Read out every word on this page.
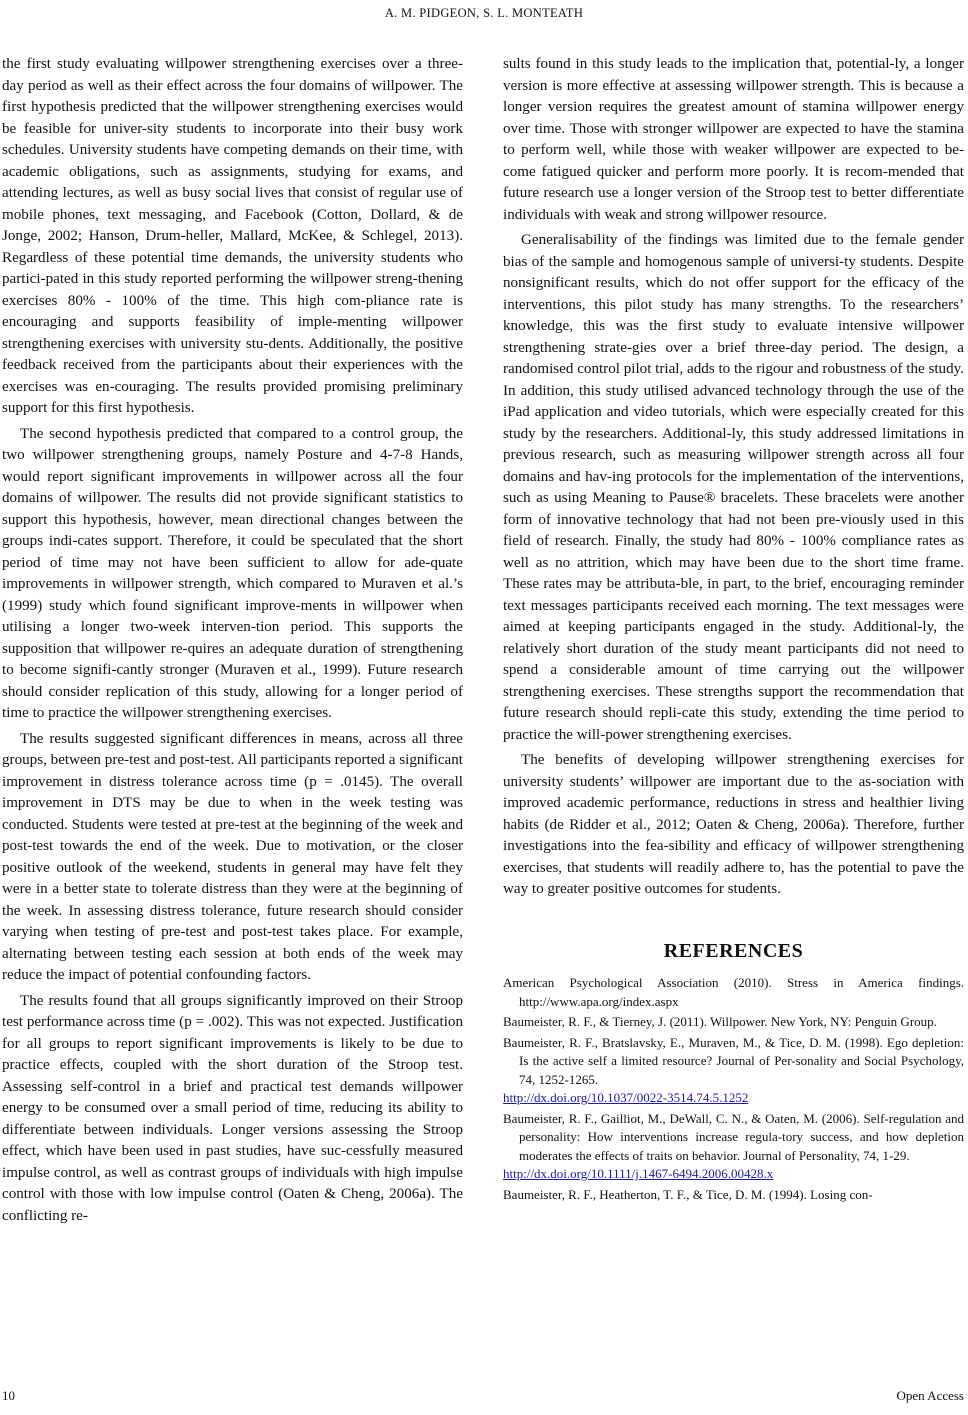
A. M. PIDGEON, S. L. MONTEATH

the first study evaluating willpower strengthening exercises over a three-day period as well as their effect across the four domains of willpower. The first hypothesis predicted that the willpower strengthening exercises would be feasible for univer-sity students to incorporate into their busy work schedules. University students have competing demands on their time, with academic obligations, such as assignments, studying for exams, and attending lectures, as well as busy social lives that consist of regular use of mobile phones, text messaging, and Facebook (Cotton, Dollard, & de Jonge, 2002; Hanson, Drum-heller, Mallard, McKee, & Schlegel, 2013). Regardless of these potential time demands, the university students who partici-pated in this study reported performing the willpower streng-thening exercises 80% - 100% of the time. This high com-pliance rate is encouraging and supports feasibility of imple-menting willpower strengthening exercises with university stu-dents. Additionally, the positive feedback received from the participants about their experiences with the exercises was en-couraging. The results provided promising preliminary support for this first hypothesis.

The second hypothesis predicted that compared to a control group, the two willpower strengthening groups, namely Posture and 4-7-8 Hands, would report significant improvements in willpower across all the four domains of willpower. The results did not provide significant statistics to support this hypothesis, however, mean directional changes between the groups indi-cates support. Therefore, it could be speculated that the short period of time may not have been sufficient to allow for ade-quate improvements in willpower strength, which compared to Muraven et al.’s (1999) study which found significant improve-ments in willpower when utilising a longer two-week interven-tion period. This supports the supposition that willpower re-quires an adequate duration of strengthening to become signifi-cantly stronger (Muraven et al., 1999). Future research should consider replication of this study, allowing for a longer period of time to practice the willpower strengthening exercises.

The results suggested significant differences in means, across all three groups, between pre-test and post-test. All participants reported a significant improvement in distress tolerance across time (p = .0145). The overall improvement in DTS may be due to when in the week testing was conducted. Students were tested at pre-test at the beginning of the week and post-test towards the end of the week. Due to motivation, or the closer positive outlook of the weekend, students in general may have felt they were in a better state to tolerate distress than they were at the beginning of the week. In assessing distress tolerance, future research should consider varying when testing of pre-test and post-test takes place. For example, alternating between testing each session at both ends of the week may reduce the impact of potential confounding factors.

The results found that all groups significantly improved on their Stroop test performance across time (p = .002). This was not expected. Justification for all groups to report significant improvements is likely to be due to practice effects, coupled with the short duration of the Stroop test. Assessing self-control in a brief and practical test demands willpower energy to be consumed over a small period of time, reducing its ability to differentiate between individuals. Longer versions assessing the Stroop effect, which have been used in past studies, have suc-cessfully measured impulse control, as well as contrast groups of individuals with high impulse control with those with low impulse control (Oaten & Cheng, 2006a). The conflicting re-

sults found in this study leads to the implication that, potential-ly, a longer version is more effective at assessing willpower strength. This is because a longer version requires the greatest amount of stamina willpower energy over time. Those with stronger willpower are expected to have the stamina to perform well, while those with weaker willpower are expected to be-come fatigued quicker and perform more poorly. It is recom-mended that future research use a longer version of the Stroop test to better differentiate individuals with weak and strong willpower resource.

Generalisability of the findings was limited due to the female gender bias of the sample and homogenous sample of universi-ty students. Despite nonsignificant results, which do not offer support for the efficacy of the interventions, this pilot study has many strengths. To the researchers’ knowledge, this was the first study to evaluate intensive willpower strengthening strate-gies over a brief three-day period. The design, a randomised control pilot trial, adds to the rigour and robustness of the study. In addition, this study utilised advanced technology through the use of the iPad application and video tutorials, which were especially created for this study by the researchers. Additional-ly, this study addressed limitations in previous research, such as measuring willpower strength across all four domains and hav-ing protocols for the implementation of the interventions, such as using Meaning to Pause® bracelets. These bracelets were another form of innovative technology that had not been pre-viously used in this field of research. Finally, the study had 80% - 100% compliance rates as well as no attrition, which may have been due to the short time frame. These rates may be attributa-ble, in part, to the brief, encouraging reminder text messages participants received each morning. The text messages were aimed at keeping participants engaged in the study. Additional-ly, the relatively short duration of the study meant participants did not need to spend a considerable amount of time carrying out the willpower strengthening exercises. These strengths support the recommendation that future research should repli-cate this study, extending the time period to practice the will-power strengthening exercises.

The benefits of developing willpower strengthening exercises for university students’ willpower are important due to the as-sociation with improved academic performance, reductions in stress and healthier living habits (de Ridder et al., 2012; Oaten & Cheng, 2006a). Therefore, further investigations into the fea-sibility and efficacy of willpower strengthening exercises, that students will readily adhere to, has the potential to pave the way to greater positive outcomes for students.

REFERENCES
American Psychological Association (2010). Stress in America findings. http://www.apa.org/index.aspx
Baumeister, R. F., & Tierney, J. (2011). Willpower. New York, NY: Penguin Group.
Baumeister, R. F., Bratslavsky, E., Muraven, M., & Tice, D. M. (1998). Ego depletion: Is the active self a limited resource? Journal of Per-sonality and Social Psychology, 74, 1252-1265.
http://dx.doi.org/10.1037/0022-3514.74.5.1252
Baumeister, R. F., Gailliot, M., DeWall, C. N., & Oaten, M. (2006). Self-regulation and personality: How interventions increase regula-tory success, and how depletion moderates the effects of traits on behavior. Journal of Personality, 74, 1-29.
http://dx.doi.org/10.1111/j.1467-6494.2006.00428.x
Baumeister, R. F., Heatherton, T. F., & Tice, D. M. (1994). Losing con-
10	Open Access
